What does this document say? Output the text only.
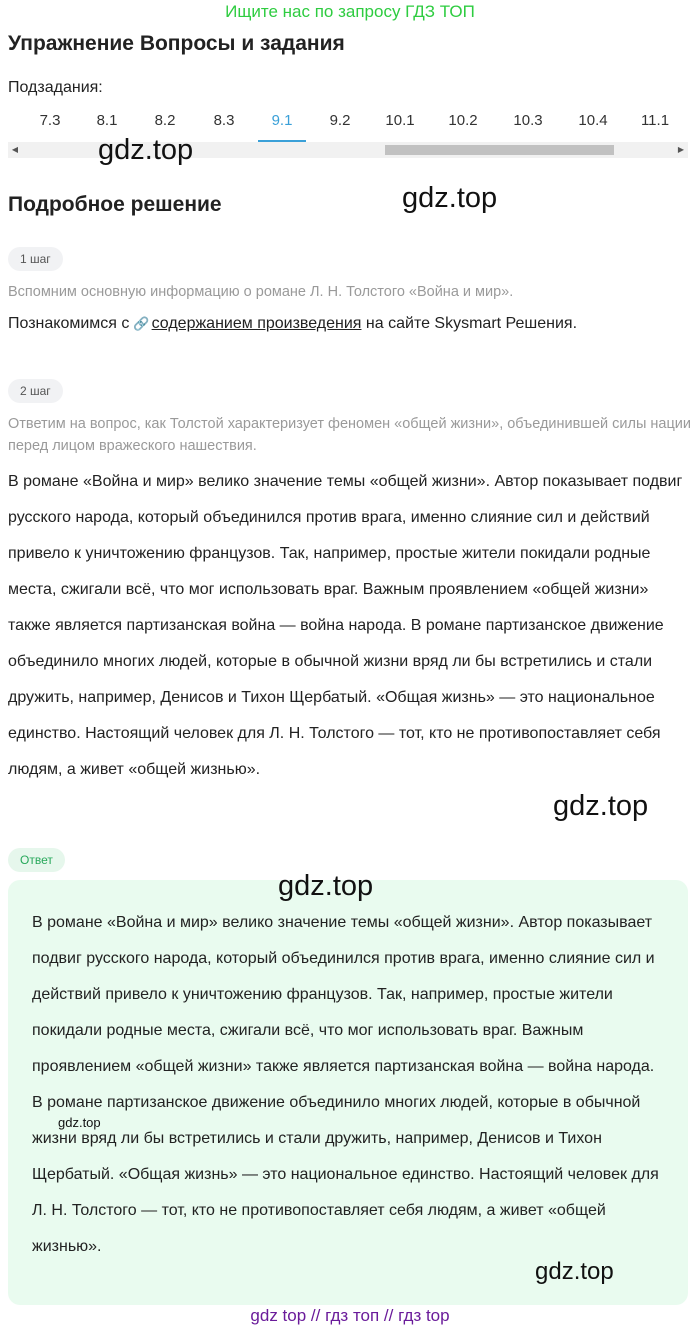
Ищите нас по запросу ГДЗ ТОП
Упражнение Вопросы и задания
Подзадания:
7.3	8.1	8.2	8.3	9.1	9.2	10.1	10.2	10.3	10.4	11.1
◀	▶
gdz.top
gdz.top
Подробное решение
1 шаг
Вспомним основную информацию о романе Л. Н. Толстого «Война и мир».
Познакомимся с 🔗 содержанием произведения на сайте Skysmart Решения.
2 шаг
Ответим на вопрос, как Толстой характеризует феномен «общей жизни», объединившей силы нации перед лицом вражеского нашествия.
В романе «Война и мир» велико значение темы «общей жизни». Автор показывает подвиг русского народа, который объединился против врага, именно слияние сил и действий привело к уничтожению французов. Так, например, простые жители покидали родные места, сжигали всё, что мог использовать враг. Важным проявлением «общей жизни» также является партизанская война — война народа. В романе партизанское движение объединило многих людей, которые в обычной жизни вряд ли бы встретились и стали дружить, например, Денисов и Тихон Щербатый. «Общая жизнь» — это национальное единство. Настоящий человек для Л. Н. Толстого — тот, кто не противопоставляет себя людям, а живет «общей жизнью».
gdz.top
Ответ
В романе «Война и мир» велико значение темы «общей жизни». Автор показывает подвиг русского народа, который объединился против врага, именно слияние сил и действий привело к уничтожению французов. Так, например, простые жители покидали родные места, сжигали всё, что мог использовать враг. Важным проявлением «общей жизни» также является партизанская война — война народа. В романе партизанское движение объединило многих людей, которые в обычной жизни вряд ли бы встретились и стали дружить, например, Денисов и Тихон Щербатый. «Общая жизнь» — это национальное единство. Настоящий человек для Л. Н. Толстого — тот, кто не противопоставляет себя людям, а живет «общей жизнью».
gdz.top
gdz.top
gdz.top
gdz top // гдз топ // гдз top
